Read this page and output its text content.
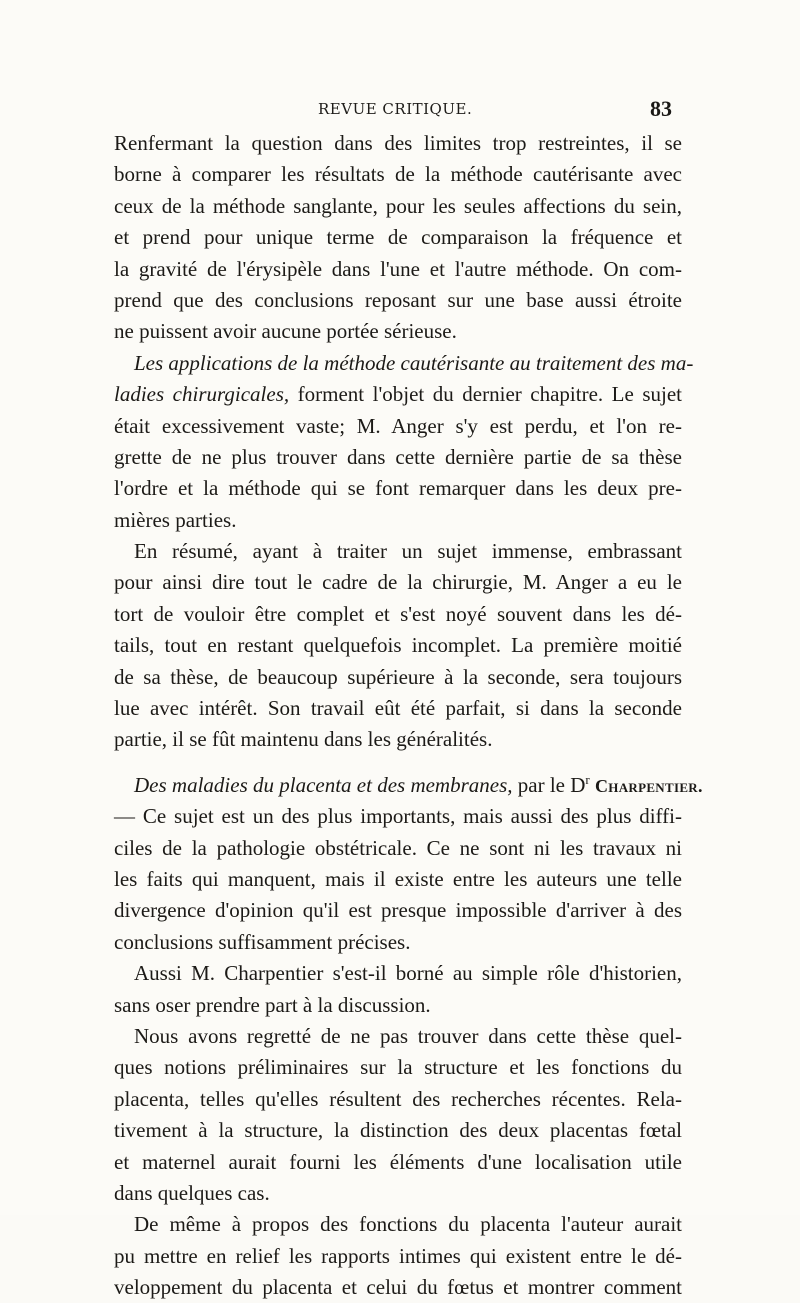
REVUE CRITIQUE.	83
Renfermant la question dans des limites trop restreintes, il se
borne à comparer les résultats de la méthode cautérisante avec
ceux de la méthode sanglante, pour les seules affections du sein,
et prend pour unique terme de comparaison la fréquence et
la gravité de l'érysipèle dans l'une et l'autre méthode. On com-
prend que des conclusions reposant sur une base aussi étroite
ne puissent avoir aucune portée sérieuse.
Les applications de la méthode cautérisante au traitement des ma-
ladies chirurgicales, forment l'objet du dernier chapitre. Le sujet
était excessivement vaste; M. Anger s'y est perdu, et l'on re-
grette de ne plus trouver dans cette dernière partie de sa thèse
l'ordre et la méthode qui se font remarquer dans les deux pre-
mières parties.
En résumé, ayant à traiter un sujet immense, embrassant
pour ainsi dire tout le cadre de la chirurgie, M. Anger a eu le
tort de vouloir être complet et s'est noyé souvent dans les dé-
tails, tout en restant quelquefois incomplet. La première moitié
de sa thèse, de beaucoup supérieure à la seconde, sera toujours
lue avec intérêt. Son travail eût été parfait, si dans la seconde
partie, il se fût maintenu dans les généralités.
Des maladies du placenta et des membranes, par le $D^r$ Charpentier.
— Ce sujet est un des plus importants, mais aussi des plus diffi-
ciles de la pathologie obstétricale. Ce ne sont ni les travaux ni
les faits qui manquent, mais il existe entre les auteurs une telle
divergence d'opinion qu'il est presque impossible d'arriver à des
conclusions suffisamment précises.
Aussi M. Charpentier s'est-il borné au simple rôle d'historien,
sans oser prendre part à la discussion.
Nous avons regretté de ne pas trouver dans cette thèse quel-
ques notions préliminaires sur la structure et les fonctions du
placenta, telles qu'elles résultent des recherches récentes. Rela-
tivement à la structure, la distinction des deux placentas fœtal
et maternel aurait fourni les éléments d'une localisation utile
dans quelques cas.
De même à propos des fonctions du placenta l'auteur aurait
pu mettre en relief les rapports intimes qui existent entre le dé-
veloppement du placenta et celui du fœtus et montrer comment
